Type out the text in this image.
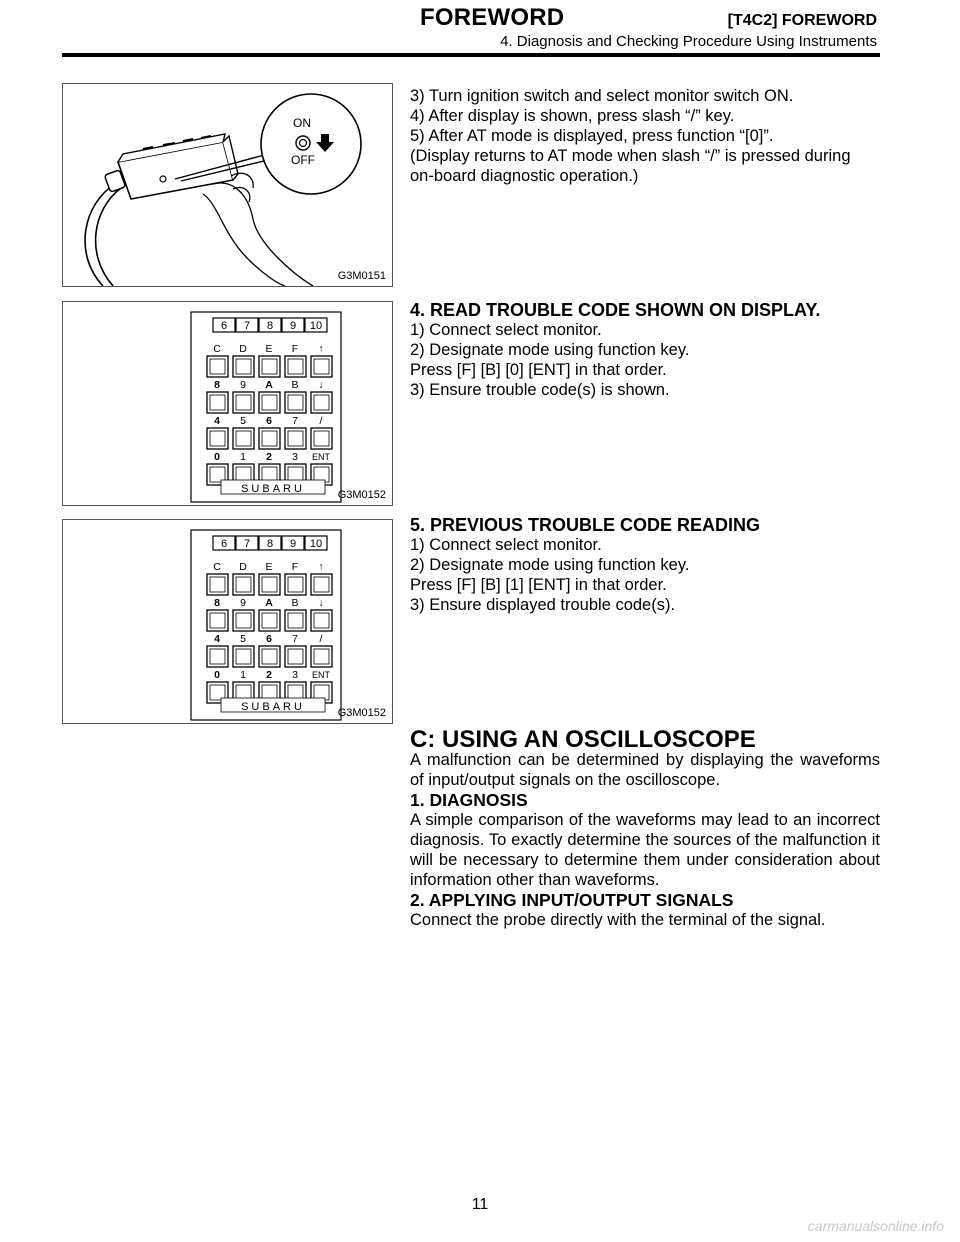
FOREWORD	[T4C2] FOREWORD
4. Diagnosis and Checking Procedure Using Instruments
ON
OFF
G3M0151
6 7 8 9 10
C D E F ↑
8 9 A B ↓
4 5 6 7 /
0 1 2 3 ENT
SUBARU	G3M0152
6 7 8 9 10
C D E F ↑
8 9 A B ↓
4 5 6 7 /
0 1 2 3 ENT
SUBARU	G3M0152

3) Turn ignition switch and select monitor switch ON.

4) After display is shown, press slash “/” key.

5) After AT mode is displayed, press function “[0]”.

(Display returns to AT mode when slash “/” is pressed during

on-board diagnostic operation.)

4. READ TROUBLE CODE SHOWN ON DISPLAY.

1) Connect select monitor.

2) Designate mode using function key.

Press [F] [B] [0] [ENT] in that order.

3) Ensure trouble code(s) is shown.

5. PREVIOUS TROUBLE CODE READING

1) Connect select monitor.

2) Designate mode using function key.

Press [F] [B] [1] [ENT] in that order.

3) Ensure displayed trouble code(s).

C: USING AN OSCILLOSCOPE

A malfunction can be determined by displaying the waveforms of input/output signals on the oscilloscope.

1. DIAGNOSIS

A simple comparison of the waveforms may lead to an incorrect diagnosis. To exactly determine the sources of the malfunction it will be necessary to determine them under consideration about information other than waveforms.

2. APPLYING INPUT/OUTPUT SIGNALS

Connect the probe directly with the terminal of the signal.

11
carmanualsonline.info
